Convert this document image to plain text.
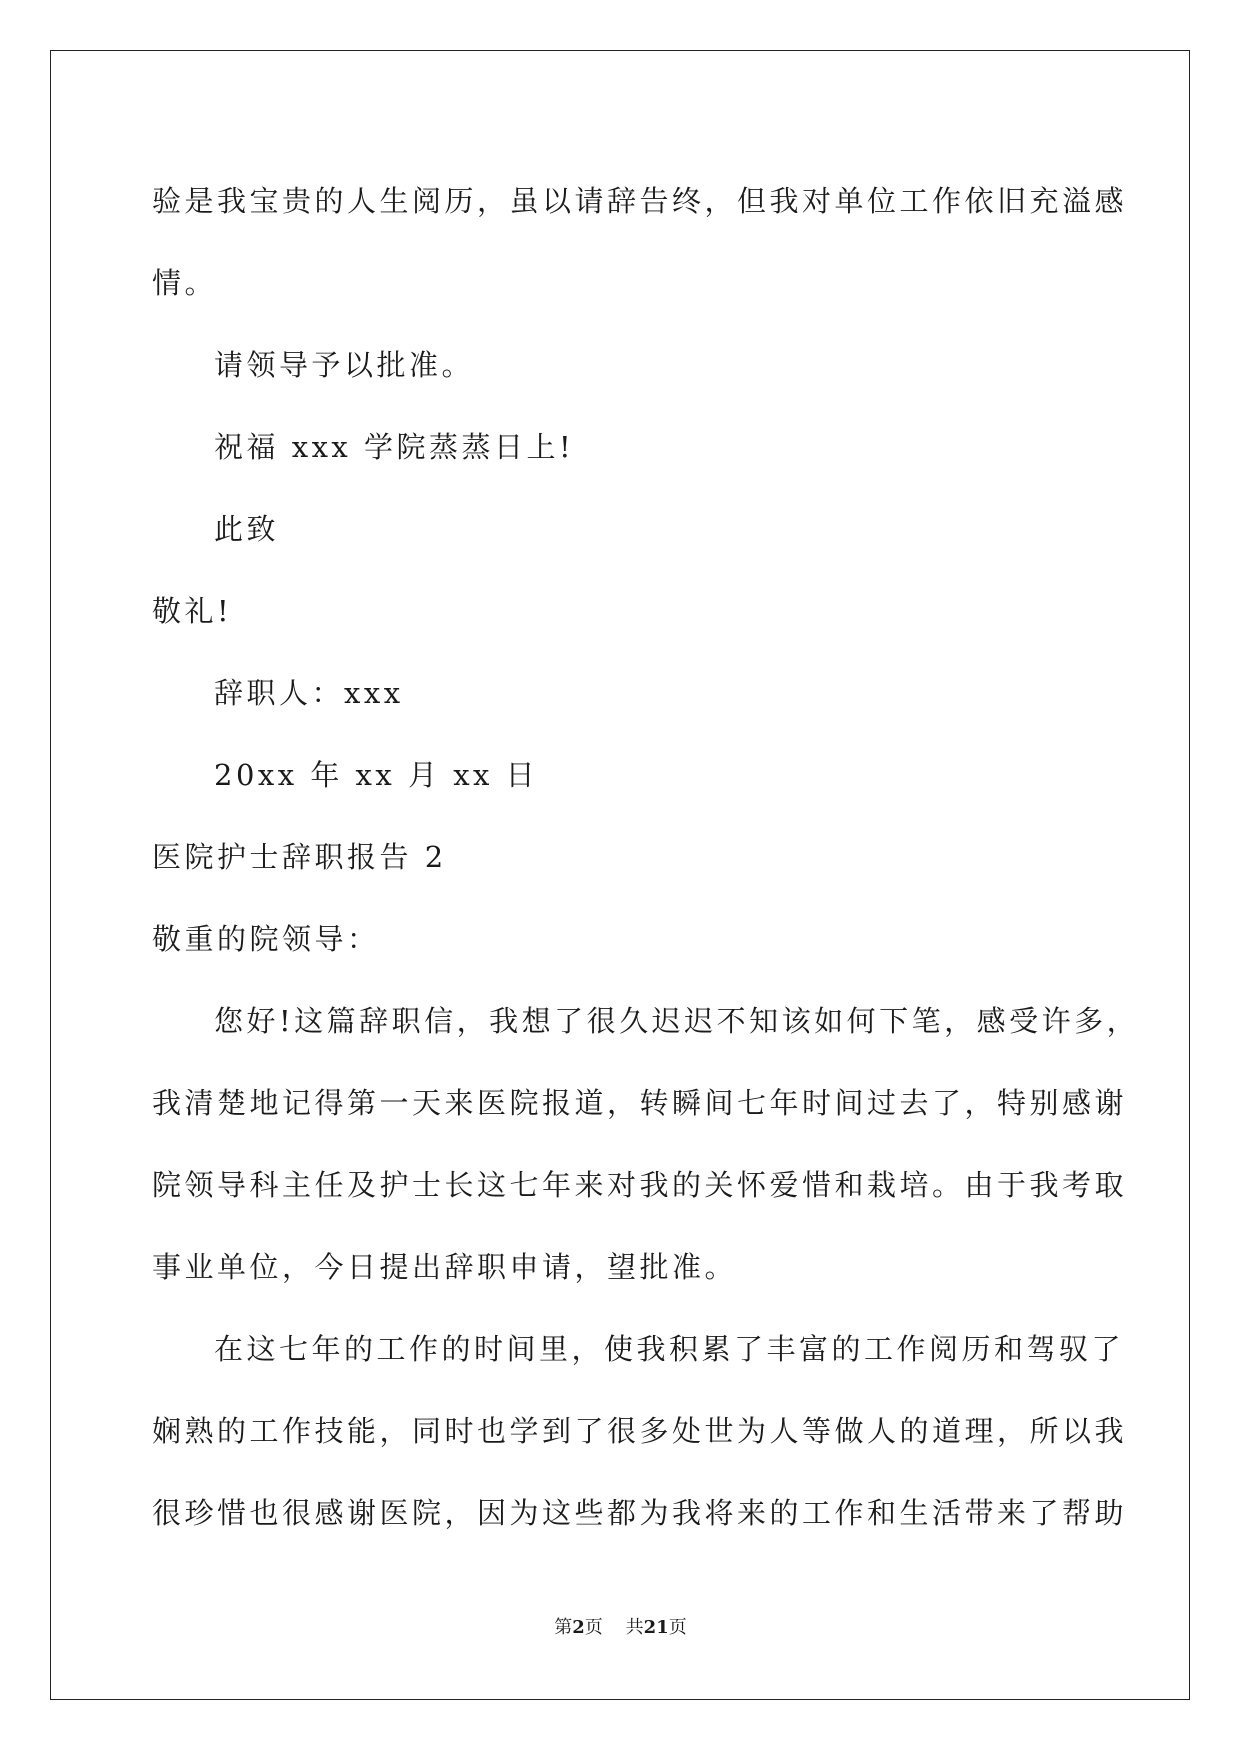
验是我宝贵的人生阅历，虽以请辞告终，但我对单位工作依旧充溢感
情。
请领导予以批准。
祝福 xxx 学院蒸蒸日上!
此致
敬礼!
辞职人：xxx
20xx 年 xx 月 xx 日
医院护士辞职报告 2
敬重的院领导：
您好!这篇辞职信，我想了很久迟迟不知该如何下笔，感受许多，
我清楚地记得第一天来医院报道，转瞬间七年时间过去了，特别感谢
院领导科主任及护士长这七年来对我的关怀爱惜和栽培。由于我考取
事业单位，今日提出辞职申请，望批准。
在这七年的工作的时间里，使我积累了丰富的工作阅历和驾驭了
娴熟的工作技能，同时也学到了很多处世为人等做人的道理，所以我
很珍惜也很感谢医院，因为这些都为我将来的工作和生活带来了帮助
第2页 共21页
